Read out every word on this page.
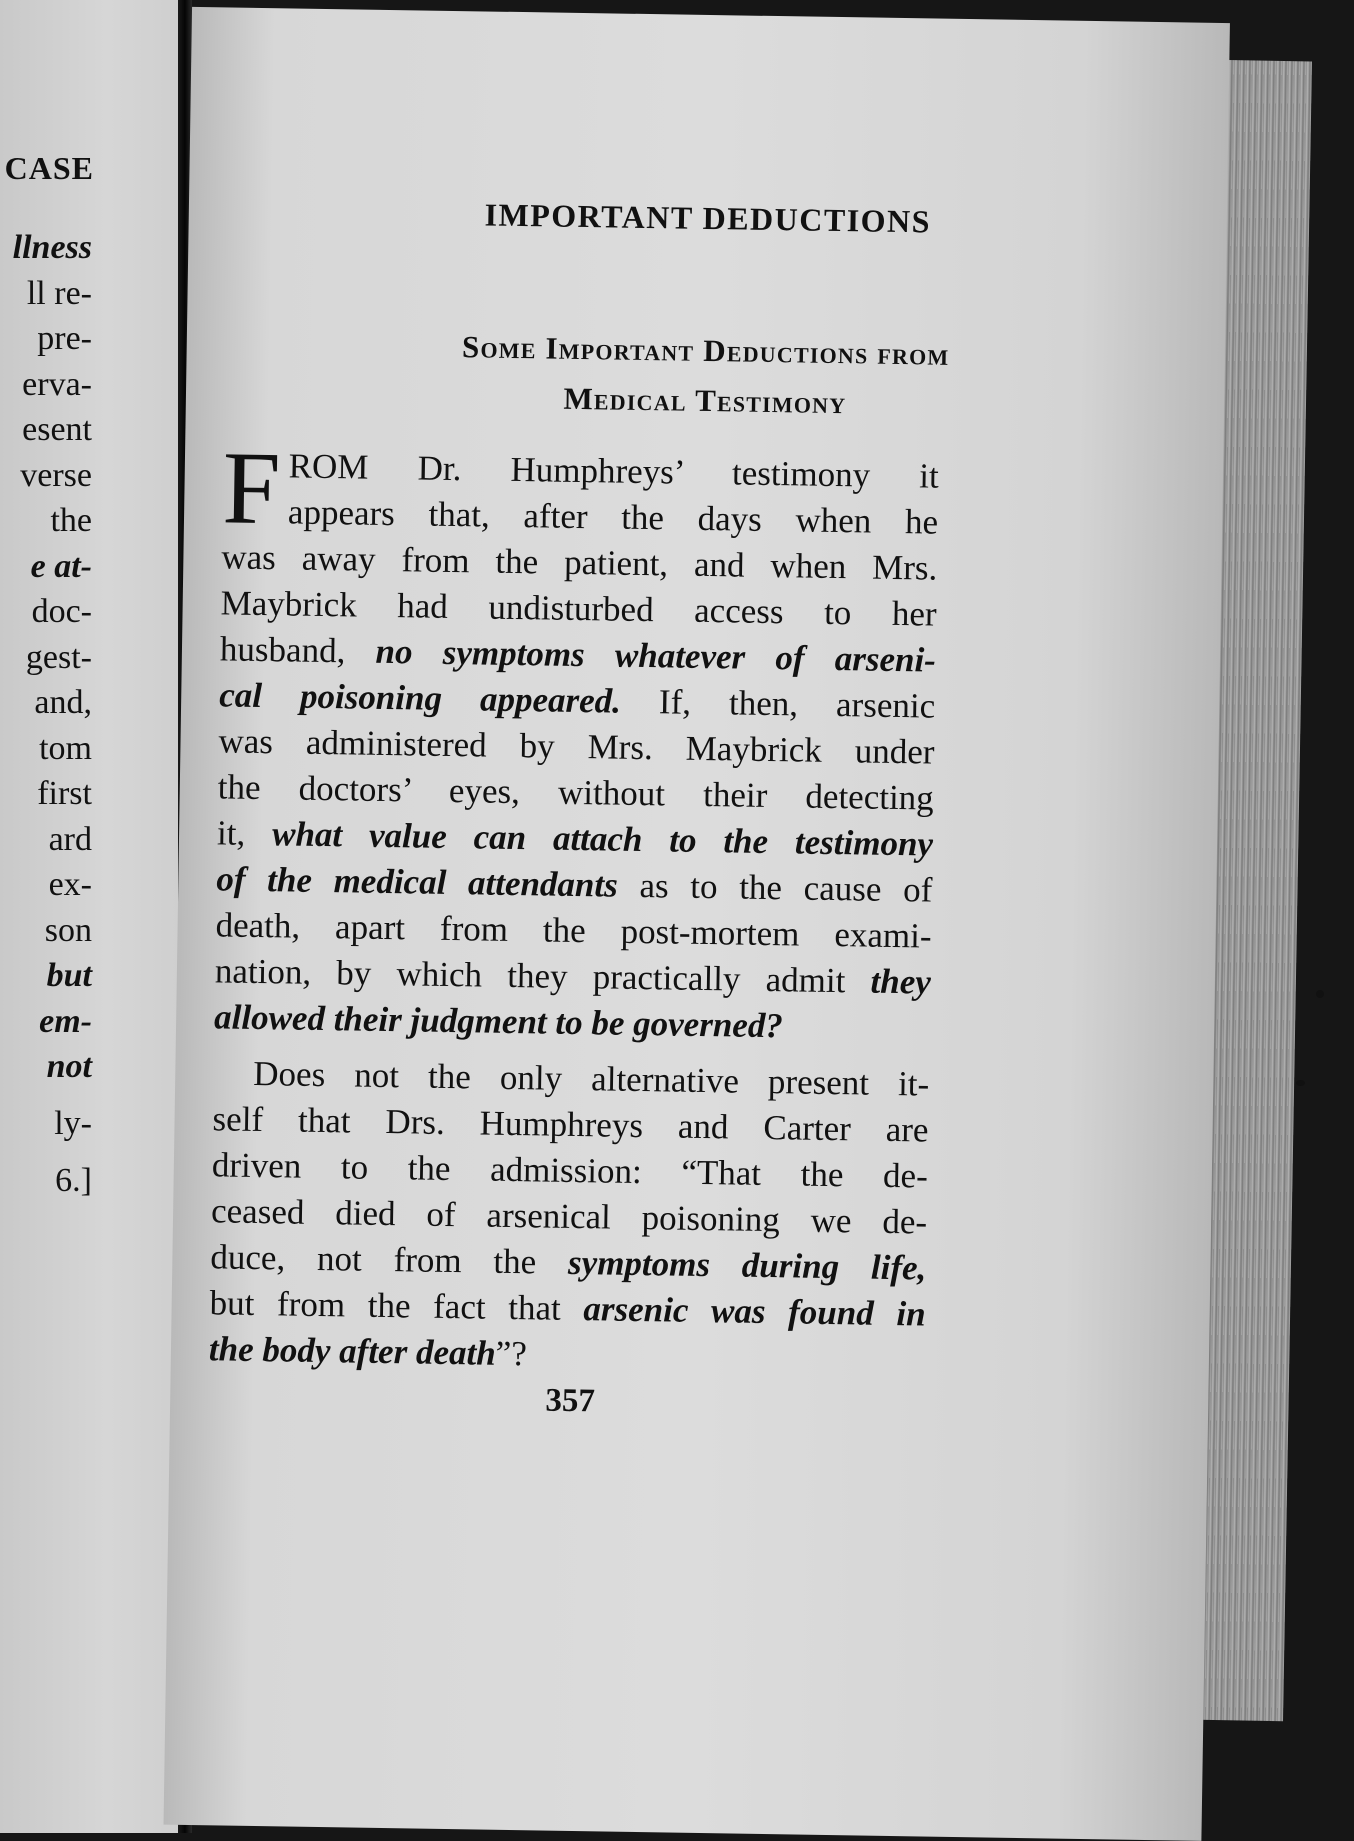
CASE
llness
ll re-
pre-
erva-
esent
verse
the
e at-
doc-
gest-
and,
tom
first
ard
ex-
son
but
em-
not
ly-
6.]
IMPORTANT DEDUCTIONS
Some Important Deductions from
Medical Testimony
F ROM Dr. Humphreys’ testimony it
appears that, after the days when he
was away from the patient, and when Mrs.
Maybrick had undisturbed access to her
husband, no symptoms whatever of arseni-
cal poisoning appeared. If, then, arsenic
was administered by Mrs. Maybrick under
the doctors’ eyes, without their detecting
it, what value can attach to the testimony
of the medical attendants as to the cause of
death, apart from the post-mortem exami-
nation, by which they practically admit they
allowed their judgment to be governed?
Does not the only alternative present it-
self that Drs. Humphreys and Carter are
driven to the admission: “That the de-
ceased died of arsenical poisoning we de-
duce, not from the symptoms during life,
but from the fact that arsenic was found in
the body after death”?
357
